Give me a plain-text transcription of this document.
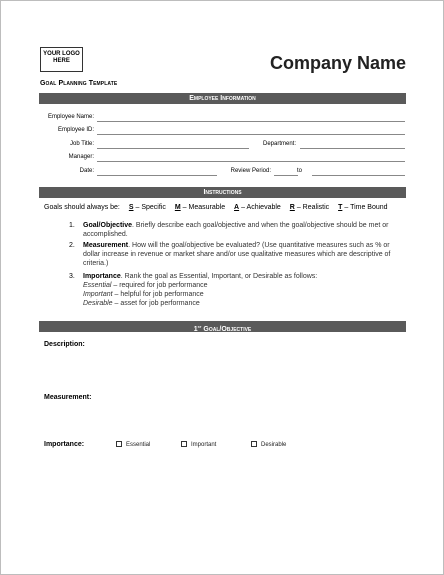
YOUR LOGO
HERE	Company Name
Goal Planning Template
Employee Information
Employee Name:
Employee ID:
Job Title:	Department:
Manager:
Date:	Review Period:	to
Instructions
Goals should always be: S – Specific M – Measurable A – Achievable R – Realistic T – Time Bound
1. Goal/Objective. Briefly describe each goal/objective and when the goal/objective should be met or accomplished.
2. Measurement. How will the goal/objective be evaluated? (Use quantitative measures such as % or dollar increase in revenue or market share and/or use qualitative measures which are descriptive of criteria.)
3. Importance. Rank the goal as Essential, Important, or Desirable as follows:
Essential – required for job performance
Important – helpful for job performance
Desirable – asset for job performance
1st Goal/Objective
Description:
Measurement:
Importance:	Essential	Important	Desirable
